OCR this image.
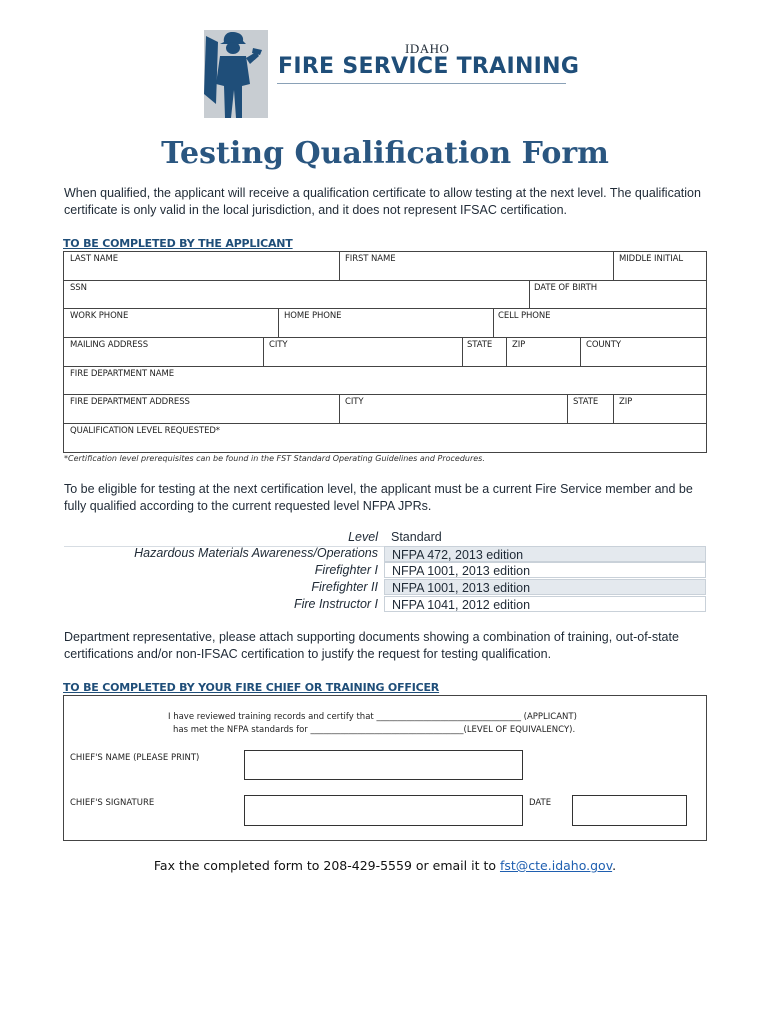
IDAHO
FIRE SERVICE TRAINING
Testing Qualification Form
When qualified, the applicant will receive a qualification certificate to allow testing at the next level. The qualification certificate is only valid in the local jurisdiction, and it does not represent IFSAC certification.
TO BE COMPLETED BY THE APPLICANT
LAST NAME	FIRST NAME	MIDDLE INITIAL
SSN	DATE OF BIRTH
WORK PHONE	HOME PHONE	CELL PHONE
MAILING ADDRESS	CITY	STATE ZIP	COUNTY
FIRE DEPARTMENT NAME
FIRE DEPARTMENT ADDRESS	CITY	STATE ZIP
QUALIFICATION LEVEL REQUESTED*
*Certification level prerequisites can be found in the FST Standard Operating Guidelines and Procedures.
To be eligible for testing at the next certification level, the applicant must be a current Fire Service member and be fully qualified according to the current requested level NFPA JPRs.
Level Standard
Hazardous Materials Awareness/Operations	NFPA 472, 2013 edition
Firefighter I	NFPA 1001, 2013 edition
Firefighter II	NFPA 1001, 2013 edition
Fire Instructor I	NFPA 1041, 2012 edition
Department representative, please attach supporting documents showing a combination of training, out-of-state certifications and/or non-IFSAC certification to justify the request for testing qualification.
TO BE COMPLETED BY YOUR FIRE CHIEF OR TRAINING OFFICER
I have reviewed training records and certify that __________________________________ (APPLICANT)
has met the NFPA standards for ____________________________________(LEVEL OF EQUIVALENCY).
CHIEF'S NAME (PLEASE PRINT)
CHIEF'S SIGNATURE	DATE
Fax the completed form to 208-429-5559 or email it to fst@cte.idaho.gov.
